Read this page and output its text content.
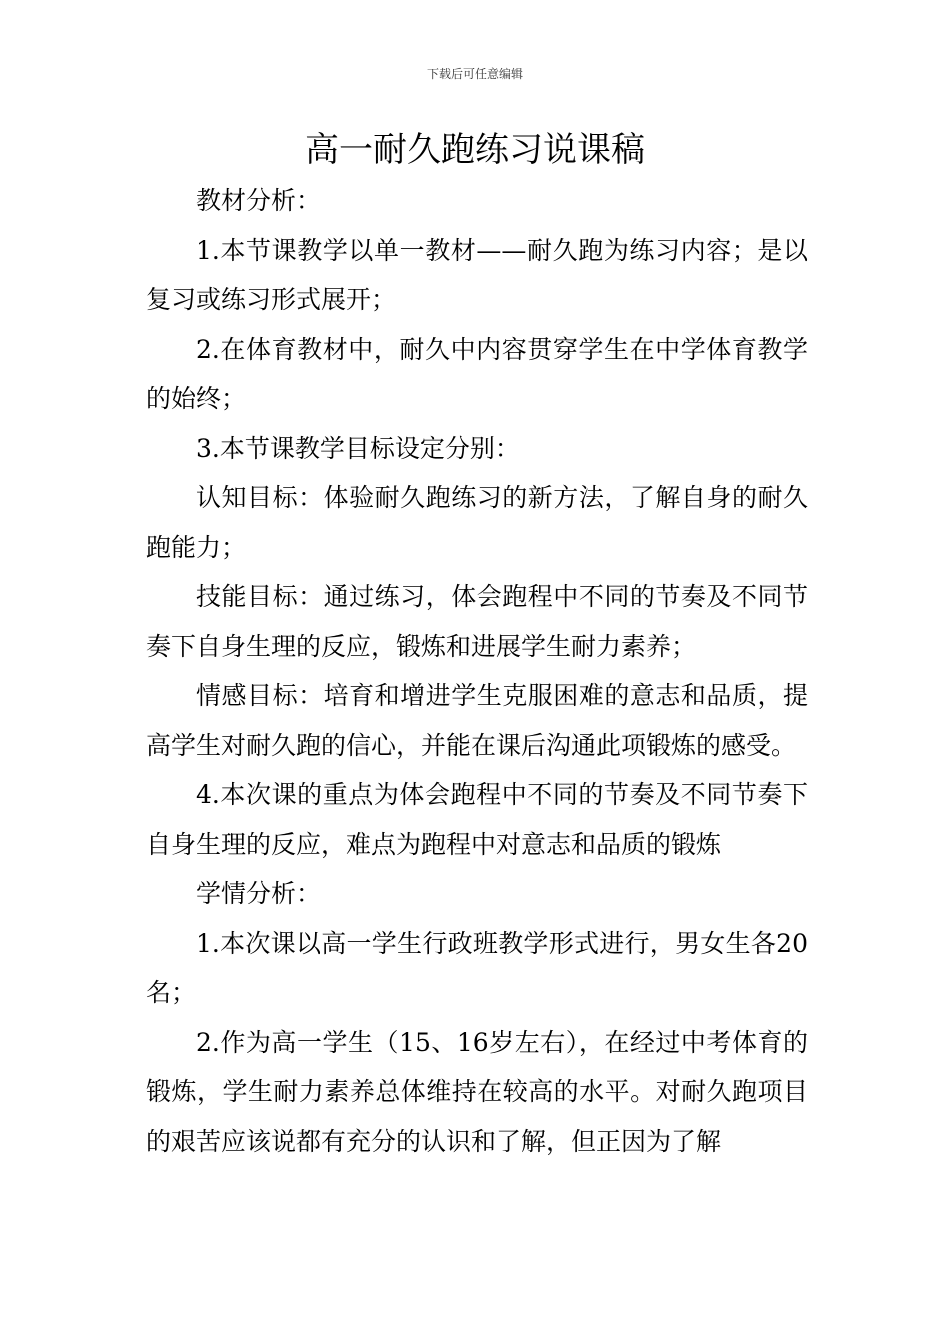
下载后可任意编辑
高一耐久跑练习说课稿

教材分析：

1.本节课教学以单一教材——耐久跑为练习内容；是以复习或练习形式展开；

2.在体育教材中，耐久中内容贯穿学生在中学体育教学的始终；

3.本节课教学目标设定分别：

认知目标：体验耐久跑练习的新方法，了解自身的耐久跑能力；

技能目标：通过练习，体会跑程中不同的节奏及不同节奏下自身生理的反应，锻炼和进展学生耐力素养；

情感目标：培育和增进学生克服困难的意志和品质，提高学生对耐久跑的信心，并能在课后沟通此项锻炼的感受。

4.本次课的重点为体会跑程中不同的节奏及不同节奏下自身生理的反应，难点为跑程中对意志和品质的锻炼

学情分析：

1.本次课以高一学生行政班教学形式进行，男女生各20名；

2.作为高一学生（15、16岁左右），在经过中考体育的锻炼，学生耐力素养总体维持在较高的水平。对耐久跑项目的艰苦应该说都有充分的认识和了解，但正因为了解
